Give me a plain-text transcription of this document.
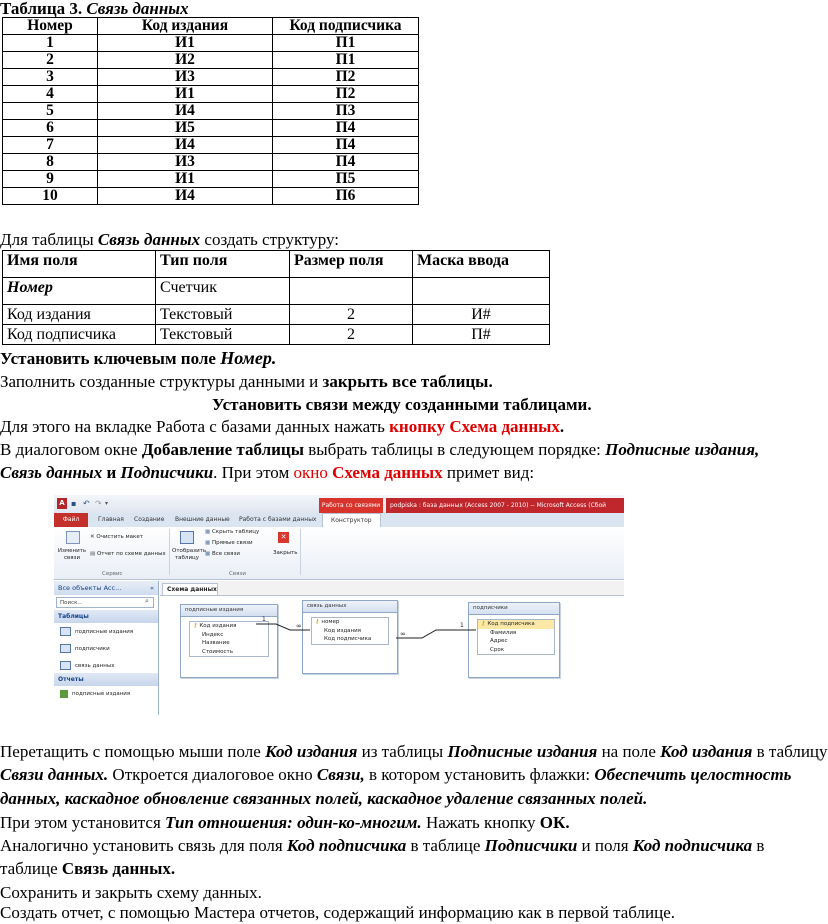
Таблица 3. Связь данных
Номер	Код издания	Код подписчика
1	И1	П1
2	И2	П1
3	И3	П2
4	И1	П2
5	И4	П3
6	И5	П4
7	И4	П4
8	И3	П4
9	И1	П5
10	И4	П6
Для таблицы Связь данных создать структуру:
Имя поля	Тип поля	Размер поля	Маска ввода
Номер	Счетчик		
Код издания	Текстовый	2	И#
Код подписчика	Текстовый	2	П#
Установить ключевым поле Номер.
Заполнить созданные структуры данными и закрыть все таблицы.
Установить связи между созданными таблицами.
Для этого на вкладке Работа с базами данных нажать кнопку Схема данных.
В диалоговом окне Добавление таблицы выбрать таблицы в следующем порядке: Подписные издания,
Связь данных и Подписчики. При этом окно Схема данных примет вид:
A ▪ ↶ ↷ ▾	Работа со связями	podpiska : база данных (Access 2007 - 2010) -- Microsoft Access (Сбой
Файл	Главная Создание Внешние данные Работа с базами данных	Конструктор
Изменить связи
✕ Очистить макет
▤ Отчет по схеме данных
Сервис
Отобразить таблицу
▦ Скрыть таблицу
▦ Прямые связи
▦ Все связи
✕
Закрыть
Связи
Все объекты Acc...	«
Поиск...	⌕
Таблицы
подписные издания
подписчики
связь данных
Отчеты
подписные издания
Схема данных
подписные издания
⚷ Код издания
Индекс
Название
Стоимость
связь данных
⚷ номер
Код издания
Код подписчика
подписчики
⚷ Код подписчика
Фамилия
Адрес
Срок
1
∞
∞
1
Перетащить с помощью мыши поле Код издания из таблицы Подписные издания на поле Код издания в таблицу
Связи данных. Откроется диалоговое окно Связи, в котором установить флажки: Обеспечить целостность
данных, каскадное обновление связанных полей, каскадное удаление связанных полей.
При этом установится Тип отношения: один-ко-многим. Нажать кнопку ОК.
Аналогично установить связь для поля Код подписчика в таблице Подписчики и поля Код подписчика в
таблице Связь данных.
Сохранить и закрыть схему данных.
Создать отчет, с помощью Мастера отчетов, содержащий информацию как в первой таблице.
